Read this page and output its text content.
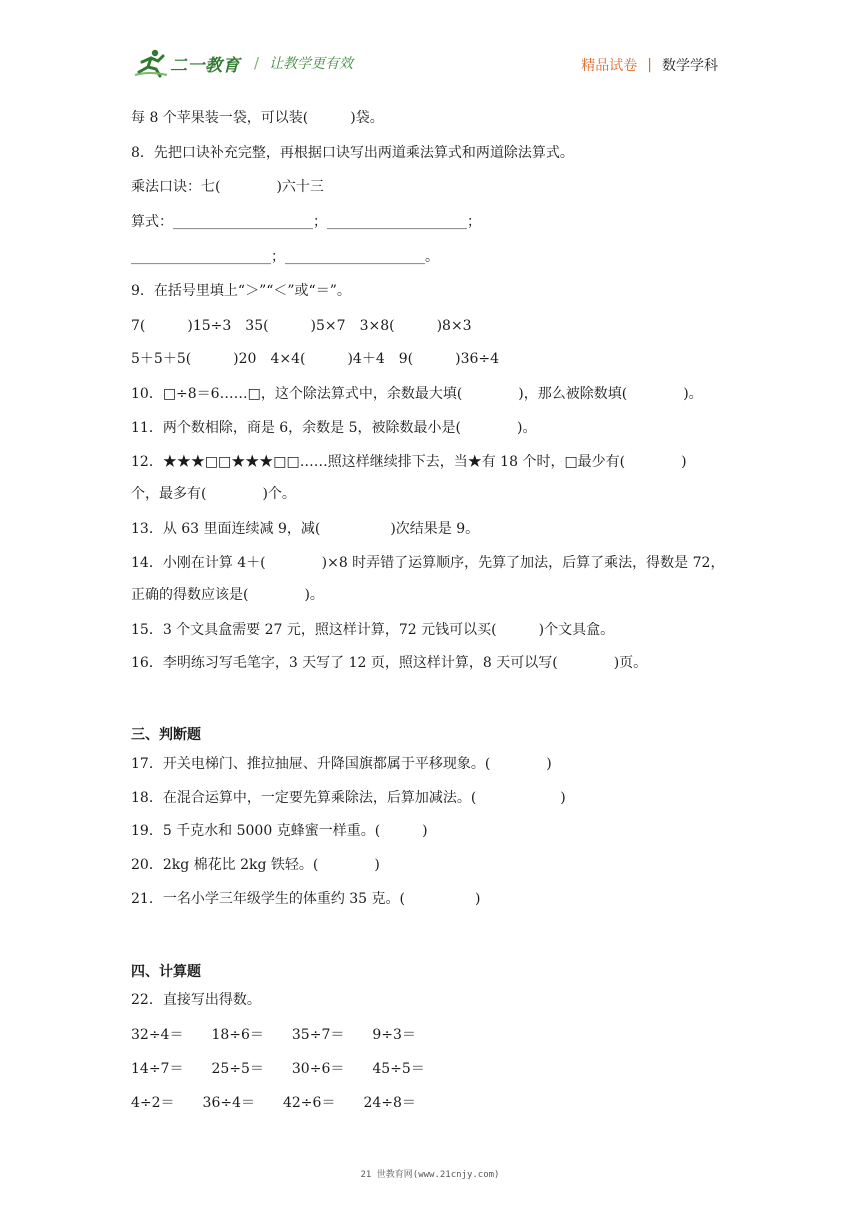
二一教育 / 让教学更有效	精品试卷 | 数学学科
每 8 个苹果装一袋，可以装(　　　)袋。
8．先把口诀补充完整，再根据口诀写出两道乘法算式和两道除法算式。
乘法口诀：七(　　　　)六十三
算式：____________________；____________________；
____________________；____________________。
9．在括号里填上“＞”“＜”或“＝”。
7(　　　)15÷3　35(　　　)5×7　3×8(　　　)8×3
5＋5＋5(　　　)20　4×4(　　　)4＋4　9(　　　)36÷4
10．□÷8＝6……□，这个除法算式中，余数最大填(　　　　)，那么被除数填(　　　　)。
11．两个数相除，商是 6，余数是 5，被除数最小是(　　　　)。
12．★★★□□★★★□□……照这样继续排下去，当★有 18 个时，□最少有(　　　　)
个，最多有(　　　　)个。
13．从 63 里面连续减 9，减(　　　　　)次结果是 9。
14．小刚在计算 4＋(　　　　)×8 时弄错了运算顺序，先算了加法，后算了乘法，得数是 72，
正确的得数应该是(　　　　)。
15．3 个文具盒需要 27 元，照这样计算，72 元钱可以买(　　　)个文具盒。
16．李明练习写毛笔字，3 天写了 12 页，照这样计算，8 天可以写(　　　　)页。
三、判断题
17．开关电梯门、推拉抽屉、升降国旗都属于平移现象。(　　　　)
18．在混合运算中，一定要先算乘除法，后算加减法。(　　　　　　)
19．5 千克水和 5000 克蜂蜜一样重。(　　　)
20．2kg 棉花比 2kg 铁轻。(　　　　)
21．一名小学三年级学生的体重约 35 克。(　　　　　)
四、计算题
22．直接写出得数。
32÷4＝　　18÷6＝　　35÷7＝　　9÷3＝
14÷7＝　　25÷5＝　　30÷6＝　　45÷5＝
4÷2＝　　36÷4＝　　42÷6＝　　24÷8＝
21 世教育网(www.21cnjy.com)
